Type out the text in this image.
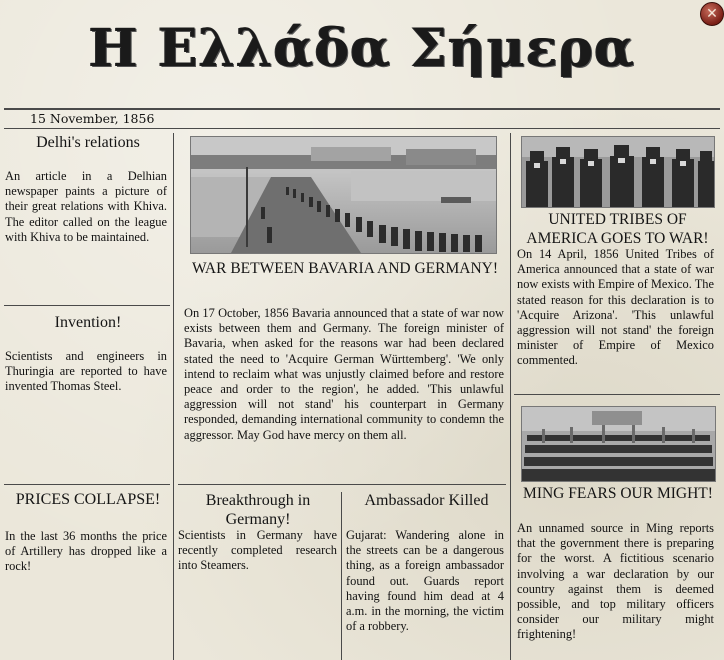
Η Ελλάδα Σήμερα
✕
15 November, 1856
Delhi's relations
An article in a Delhian newspaper paints a picture of their great relations with Khiva. The editor called on the league with Khiva to be maintained.
Invention!
Scientists and engineers in Thuringia are reported to have invented Thomas Steel.
PRICES COLLAPSE!
In the last 36 months the price of Artillery has dropped like a rock!
WAR BETWEEN BAVARIA AND GERMANY!
On 17 October, 1856 Bavaria announced that a state of war now exists between them and Germany. The foreign minister of Bavaria, when asked for the reasons war had been declared stated the need to 'Acquire German Württemberg'. 'We only intend to reclaim what was unjustly claimed before and restore peace and order to the region', he added. 'This unlawful aggression will not stand' his counterpart in Germany responded, demanding international community to condemn the aggressor. May God have mercy on them all.
Breakthrough in Germany!
Scientists in Germany have recently completed research into Steamers.
Ambassador Killed
Gujarat: Wandering alone in the streets can be a dangerous thing, as a foreign ambassador found out. Guards report having found him dead at 4 a.m. in the morning, the victim of a robbery.
UNITED TRIBES OF AMERICA GOES TO WAR!
On 14 April, 1856 United Tribes of America announced that a state of war now exists with Empire of Mexico. The stated reason for this declaration is to 'Acquire Arizona'. 'This unlawful aggression will not stand' the foreign minister of Empire of Mexico commented.
MING FEARS OUR MIGHT!
An unnamed source in Ming reports that the government there is preparing for the worst. A fictitious scenario involving a war declaration by our country against them is deemed possible, and top military officers consider our military might frightening!
